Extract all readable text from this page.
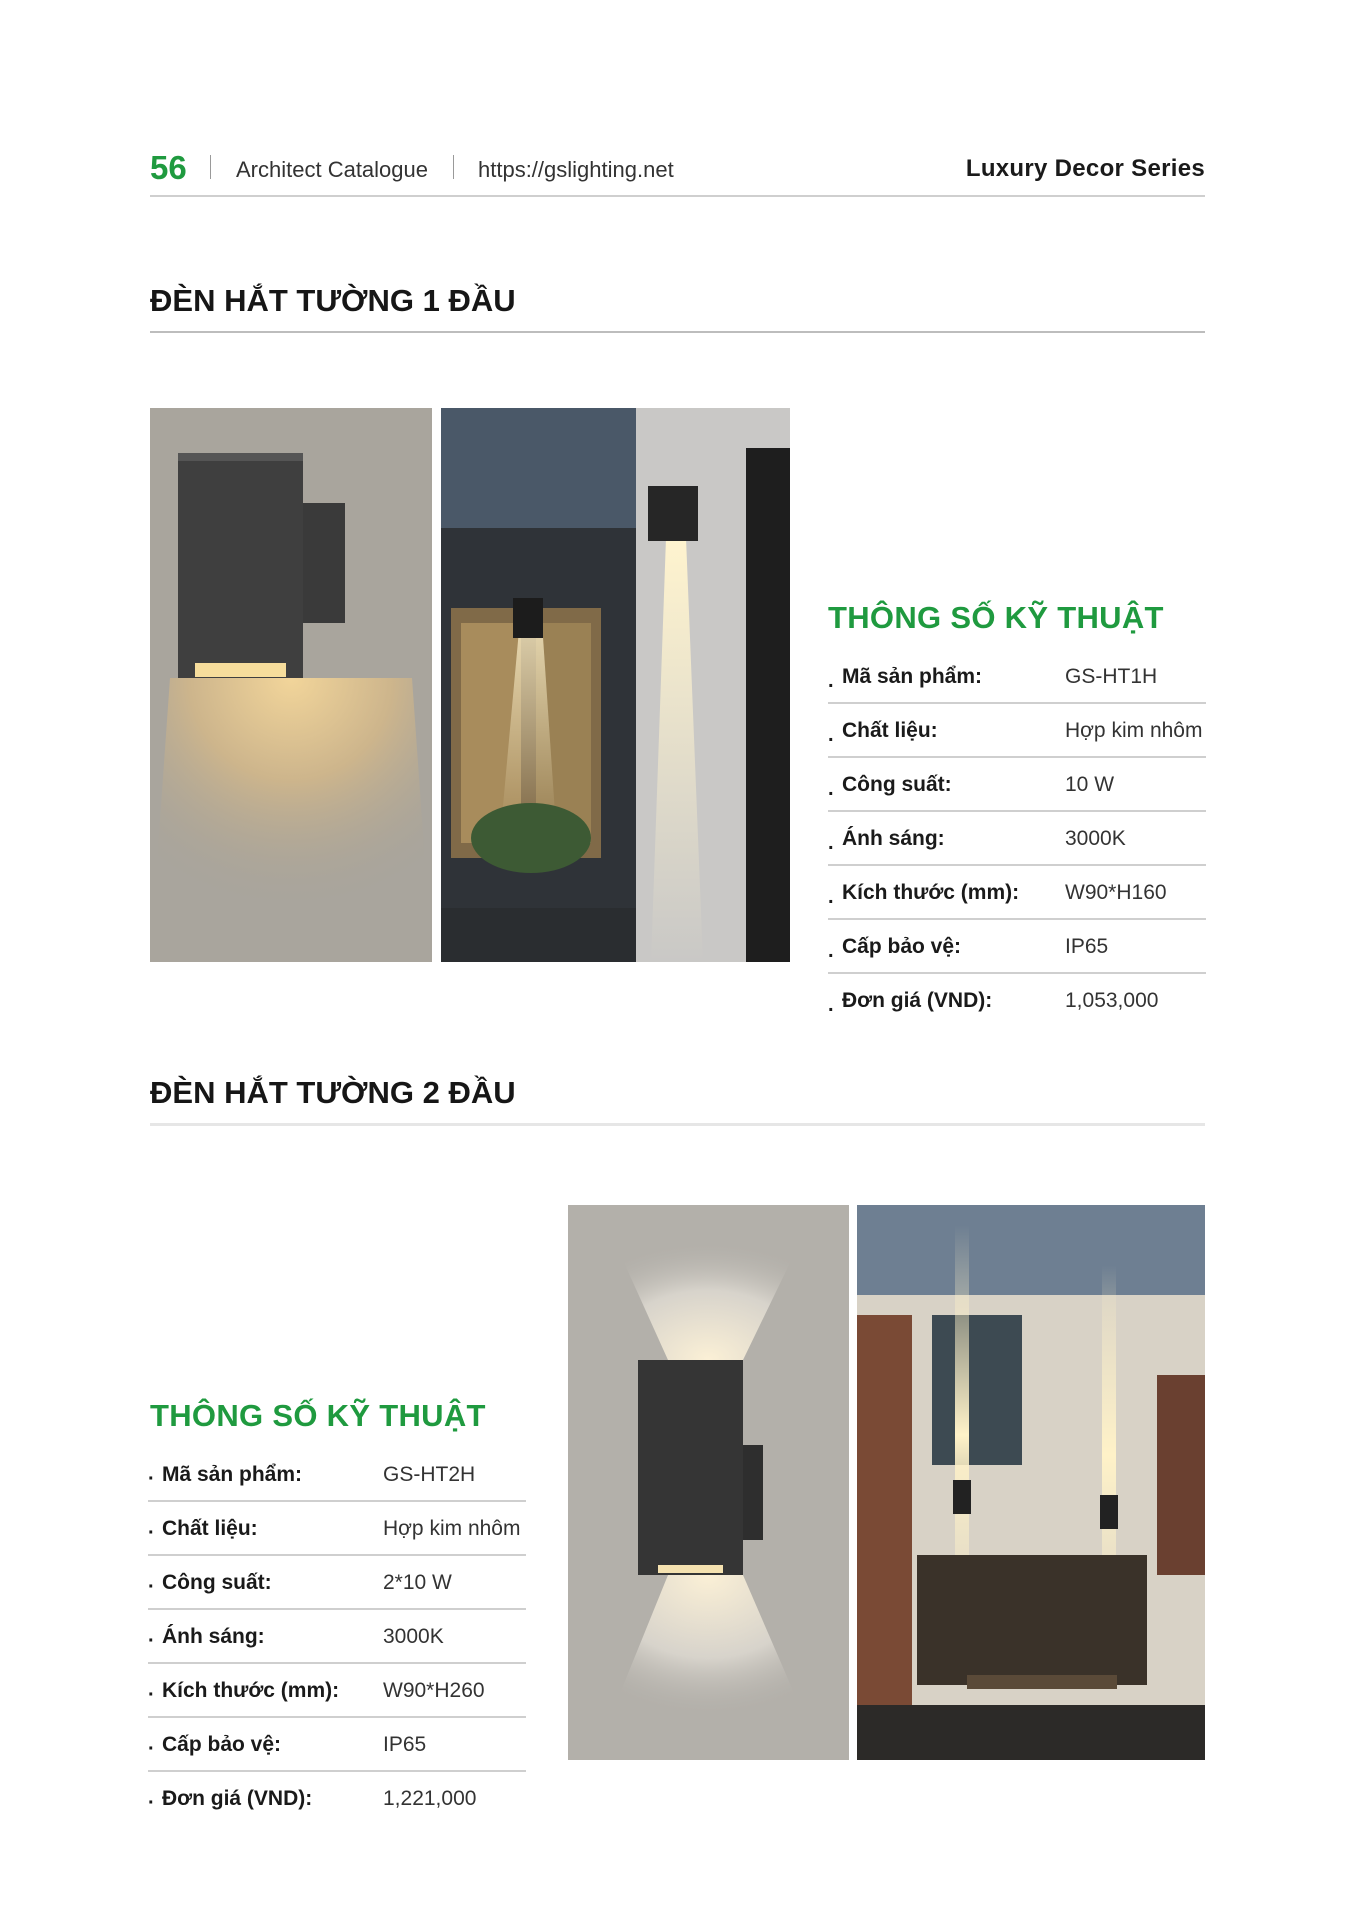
56 Architect Catalogue https://gslighting.net	Luxury Decor Series
ĐÈN HẮT TƯỜNG 1 ĐẦU
THÔNG SỐ KỸ THUẬT
. Mã sản phẩm:	GS-HT1H
. Chất liệu:	Hợp kim nhôm
. Công suất:	10 W
. Ánh sáng:	3000K
. Kích thước (mm): W90*H160
. Cấp bảo vệ:	IP65
. Đơn giá (VND):	1,053,000
ĐÈN HẮT TƯỜNG 2 ĐẦU
THÔNG SỐ KỸ THUẬT
· Mã sản phẩm:	GS-HT2H
· Chất liệu:	Hợp kim nhôm
· Công suất:	2*10 W
· Ánh sáng:	3000K
· Kích thước (mm): W90*H260
· Cấp bảo vệ:	IP65
· Đơn giá (VND):	1,221,000
